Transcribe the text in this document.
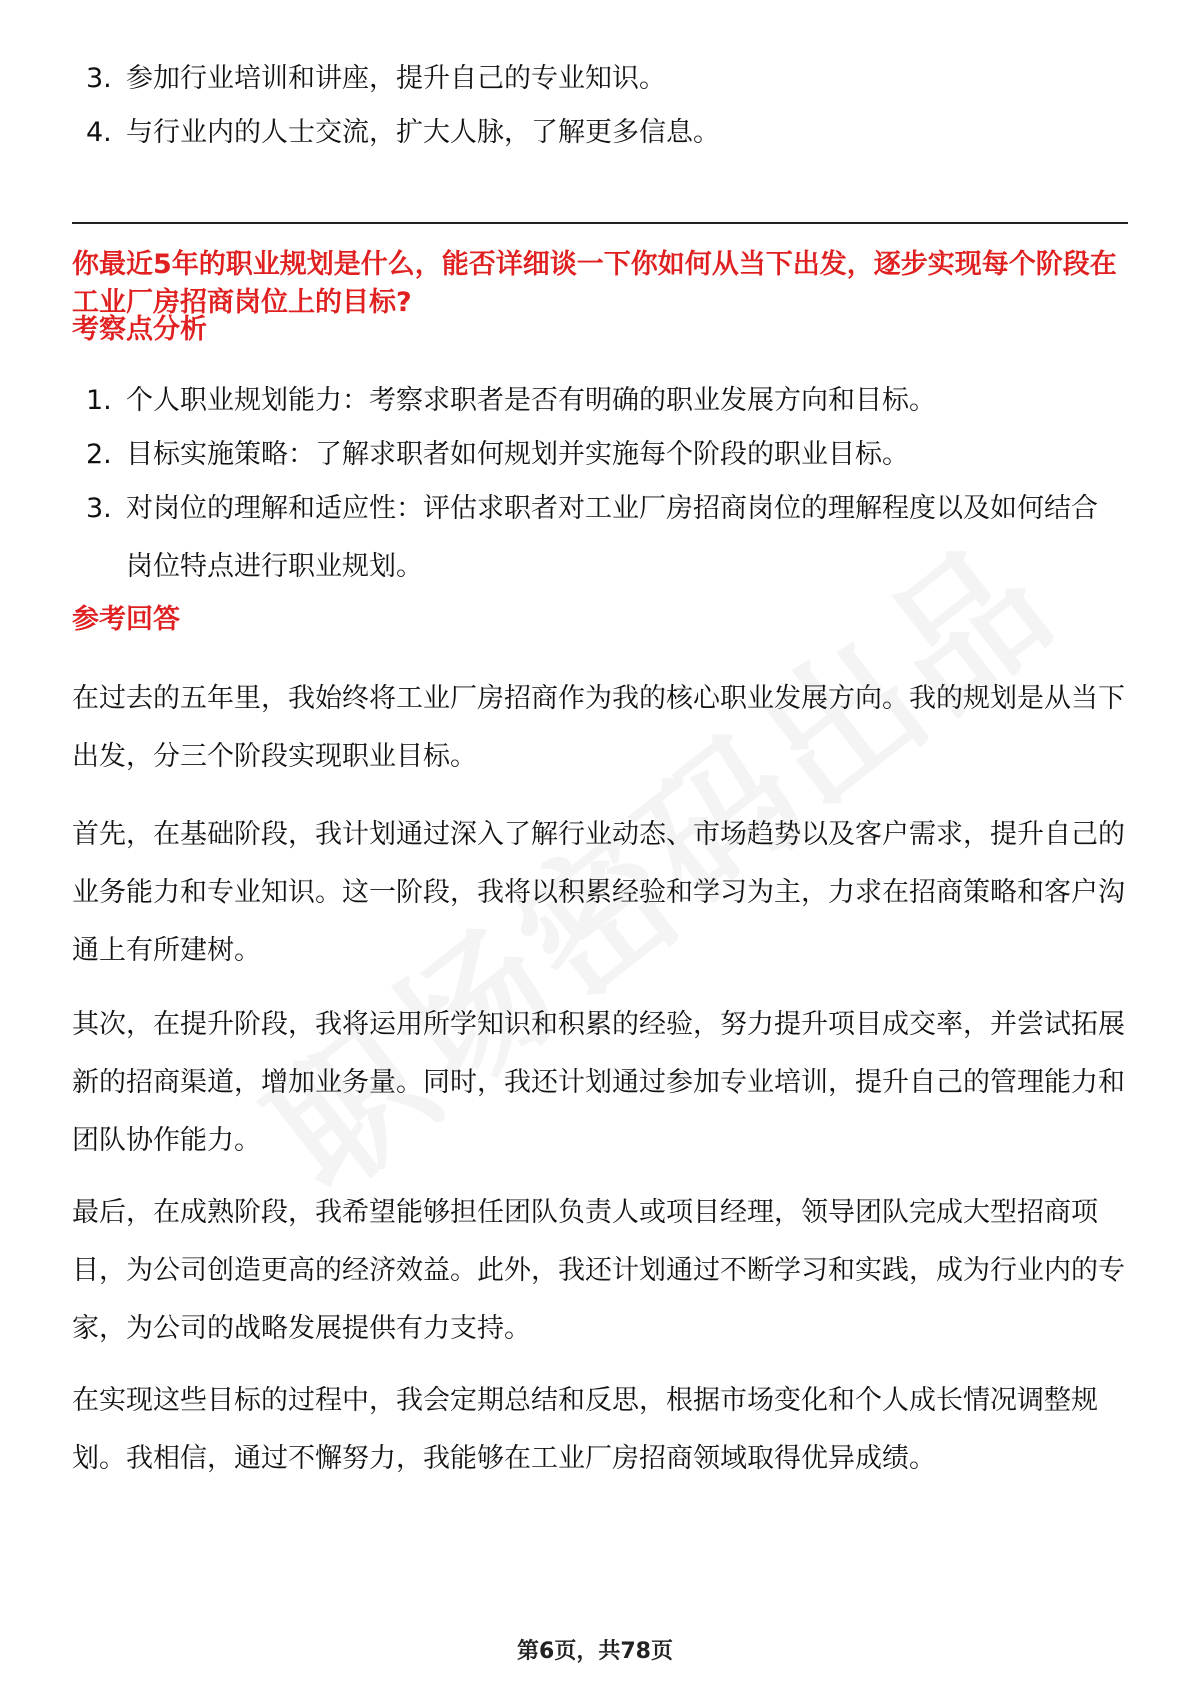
3. 参加行业培训和讲座，提升自己的专业知识。
4. 与行业内的人士交流，扩大人脉，了解更多信息。
你最近5年的职业规划是什么，能否详细谈一下你如何从当下出发，逐步实现每个阶段在工业厂房招商岗位上的目标?
考察点分析
1. 个人职业规划能力：考察求职者是否有明确的职业发展方向和目标。
2. 目标实施策略：了解求职者如何规划并实施每个阶段的职业目标。
3. 对岗位的理解和适应性：评估求职者对工业厂房招商岗位的理解程度以及如何结合岗位特点进行职业规划。
参考回答
在过去的五年里，我始终将工业厂房招商作为我的核心职业发展方向。我的规划是从当下出发，分三个阶段实现职业目标。
首先，在基础阶段，我计划通过深入了解行业动态、市场趋势以及客户需求，提升自己的业务能力和专业知识。这一阶段，我将以积累经验和学习为主，力求在招商策略和客户沟通上有所建树。
其次，在提升阶段，我将运用所学知识和积累的经验，努力提升项目成交率，并尝试拓展新的招商渠道，增加业务量。同时，我还计划通过参加专业培训，提升自己的管理能力和团队协作能力。
最后，在成熟阶段，我希望能够担任团队负责人或项目经理，领导团队完成大型招商项目，为公司创造更高的经济效益。此外，我还计划通过不断学习和实践，成为行业内的专家，为公司的战略发展提供有力支持。
在实现这些目标的过程中，我会定期总结和反思，根据市场变化和个人成长情况调整规划。我相信，通过不懈努力，我能够在工业厂房招商领域取得优异成绩。
第6页，共78页
